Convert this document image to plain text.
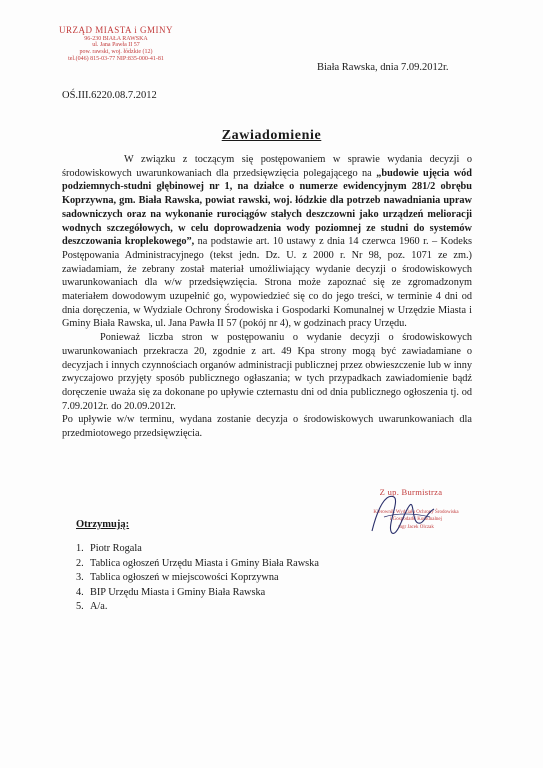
URZĄD MIASTA i GMINY
96-230 BIAŁA RAWSKA
ul. Jana Pawła II 57
pow. rawski, woj. łódzkie (12)
tel.(046) 815-03-77 NIP:835-000-41-81
Biała Rawska, dnia 7.09.2012r.
OŚ.III.6220.08.7.2012
Zawiadomienie

W związku z toczącym się postępowaniem w sprawie wydania decyzji o środowiskowych uwarunkowaniach dla przedsięwzięcia polegającego na „budowie ujęcia wód podziemnych-studni głębinowej nr 1, na działce o numerze ewidencyjnym 281/2 obrębu Koprzywna, gm. Biała Rawska, powiat rawski, woj. łódzkie dla potrzeb nawadniania upraw sadowniczych oraz na wykonanie rurociągów stałych deszczowni jako urządzeń melioracji wodnych szczegółowych, w celu doprowadzenia wody poziomnej ze studni do systemów deszczowania kroplekowego”, na podstawie art. 10 ustawy z dnia 14 czerwca 1960 r. – Kodeks Postępowania Administracyjnego (tekst jedn. Dz. U. z 2000 r. Nr 98, poz. 1071 ze zm.) zawiadamiam, że zebrany został materiał umożliwiający wydanie decyzji o środowiskowych uwarunkowaniach dla w/w przedsięwzięcia. Strona może zapoznać się ze zgromadzonym materiałem dowodowym uzupełnić go, wypowiedzieć się co do jego treści, w terminie 4 dni od dnia doręczenia, w Wydziale Ochrony Środowiska i Gospodarki Komunalnej w Urzędzie Miasta i Gminy Biała Rawska, ul. Jana Pawła II 57 (pokój nr 4), w godzinach pracy Urzędu.

Ponieważ liczba stron w postępowaniu o wydanie decyzji o środowiskowych uwarunkowaniach przekracza 20, zgodnie z art. 49 Kpa strony mogą być zawiadamiane o decyzjach i innych czynnościach organów administracji publicznej przez obwieszczenie lub w inny zwyczajowo przyjęty sposób publicznego ogłaszania; w tych przypadkach zawiadomienie bądź doręczenie uważa się za dokonane po upływie czternastu dni od dnia publicznego ogłoszenia tj. od 7.09.2012r. do 20.09.2012r.

Po upływie w/w terminu, wydana zostanie decyzja o środowiskowych uwarunkowaniach dla przedmiotowego przedsięwzięcia.

Z up. Burmistrza
Kierownik Wydziału Ochrony Środowiska
i Gospodarki Komunalnej
mgr Jacek Olczak
Otrzymują:
1. Piotr Rogala
2. Tablica ogłoszeń Urzędu Miasta i Gminy Biała Rawska
3. Tablica ogłoszeń w miejscowości Koprzywna
4. BIP Urzędu Miasta i Gminy Biała Rawska
5. A/a.
